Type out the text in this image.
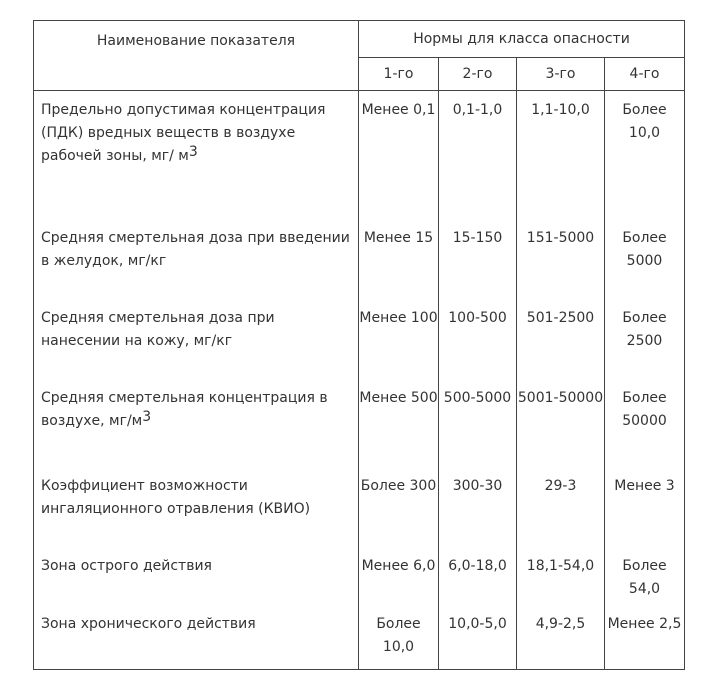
Наименование показателя	Нормы для класса опасности			
	1-го	2-го	3-го	4-го
Предельно допустимая концентрация (ПДК) вредных веществ в воздухе рабочей зоны, мг/ $м^3$	Менее 0,1	0,1-1,0	1,1-10,0	Более 10,0
Средняя смертельная доза при введении в желудок, мг/кг	Менее 15	15-150	151-5000	Более 5000
Средняя смертельная доза при нанесении на кожу, мг/кг	Менее 100	100-500	501-2500	Более 2500
Средняя смертельная концентрация в воздухе, $мг/м^3$	Менее 500	500-5000	5001-50000	Более 50000
Коэффициент возможности ингаляционного отравления (КВИО)	Более 300	300-30	29-3	Менее 3
Зона острого действия	Менее 6,0	6,0-18,0	18,1-54,0	Более 54,0
Зона хронического действия	Более 10,0	10,0-5,0	4,9-2,5	Менее 2,5
